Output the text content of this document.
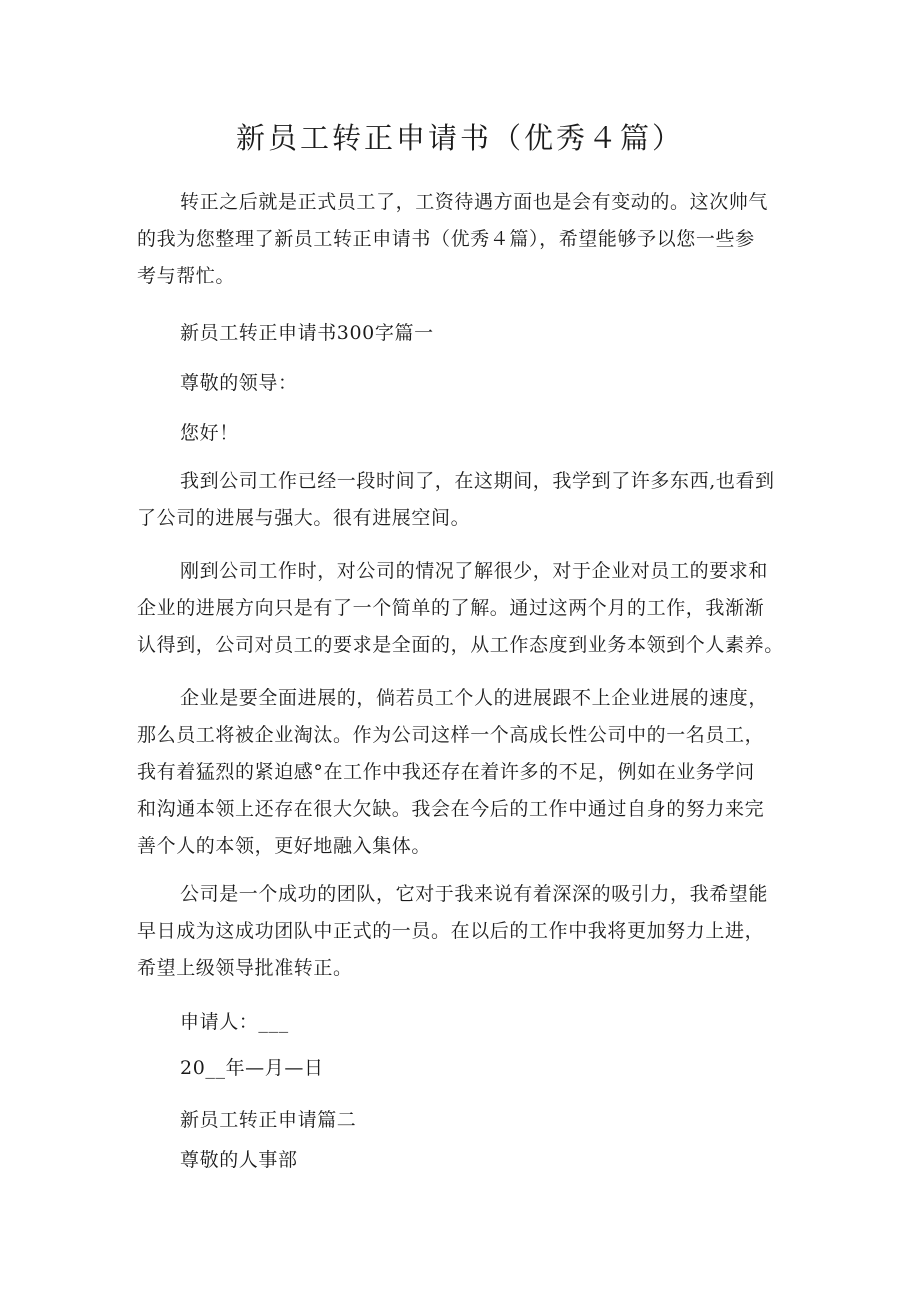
新员工转正申请书（优秀４篇）

转正之后就是正式员工了，工资待遇方面也是会有变动的。这次帅气
的我为您整理了新员工转正申请书（优秀４篇），希望能够予以您一些参
考与帮忙。

新员工转正申请书300字篇一

尊敬的领导：

您好！

我到公司工作已经一段时间了，在这期间，我学到了许多东西,也看到
了公司的进展与强大。很有进展空间。

刚到公司工作时，对公司的情况了解很少，对于企业对员工的要求和
企业的进展方向只是有了一个简单的了解。通过这两个月的工作，我渐渐
认得到，公司对员工的要求是全面的，从工作态度到业务本领到个人素养。

企业是要全面进展的，倘若员工个人的进展跟不上企业进展的速度，
那么员工将被企业淘汰。作为公司这样一个高成长性公司中的一名员工，
我有着猛烈的紧迫感°在工作中我还存在着许多的不足，例如在业务学问
和沟通本领上还存在很大欠缺。我会在今后的工作中通过自身的努力来完
善个人的本领，更好地融入集体。

公司是一个成功的团队，它对于我来说有着深深的吸引力，我希望能
早日成为这成功团队中正式的一员。在以后的工作中我将更加努力上进，
希望上级领导批准转正。

申请人：___

20__年—月—日

新员工转正申请篇二

尊敬的人事部
